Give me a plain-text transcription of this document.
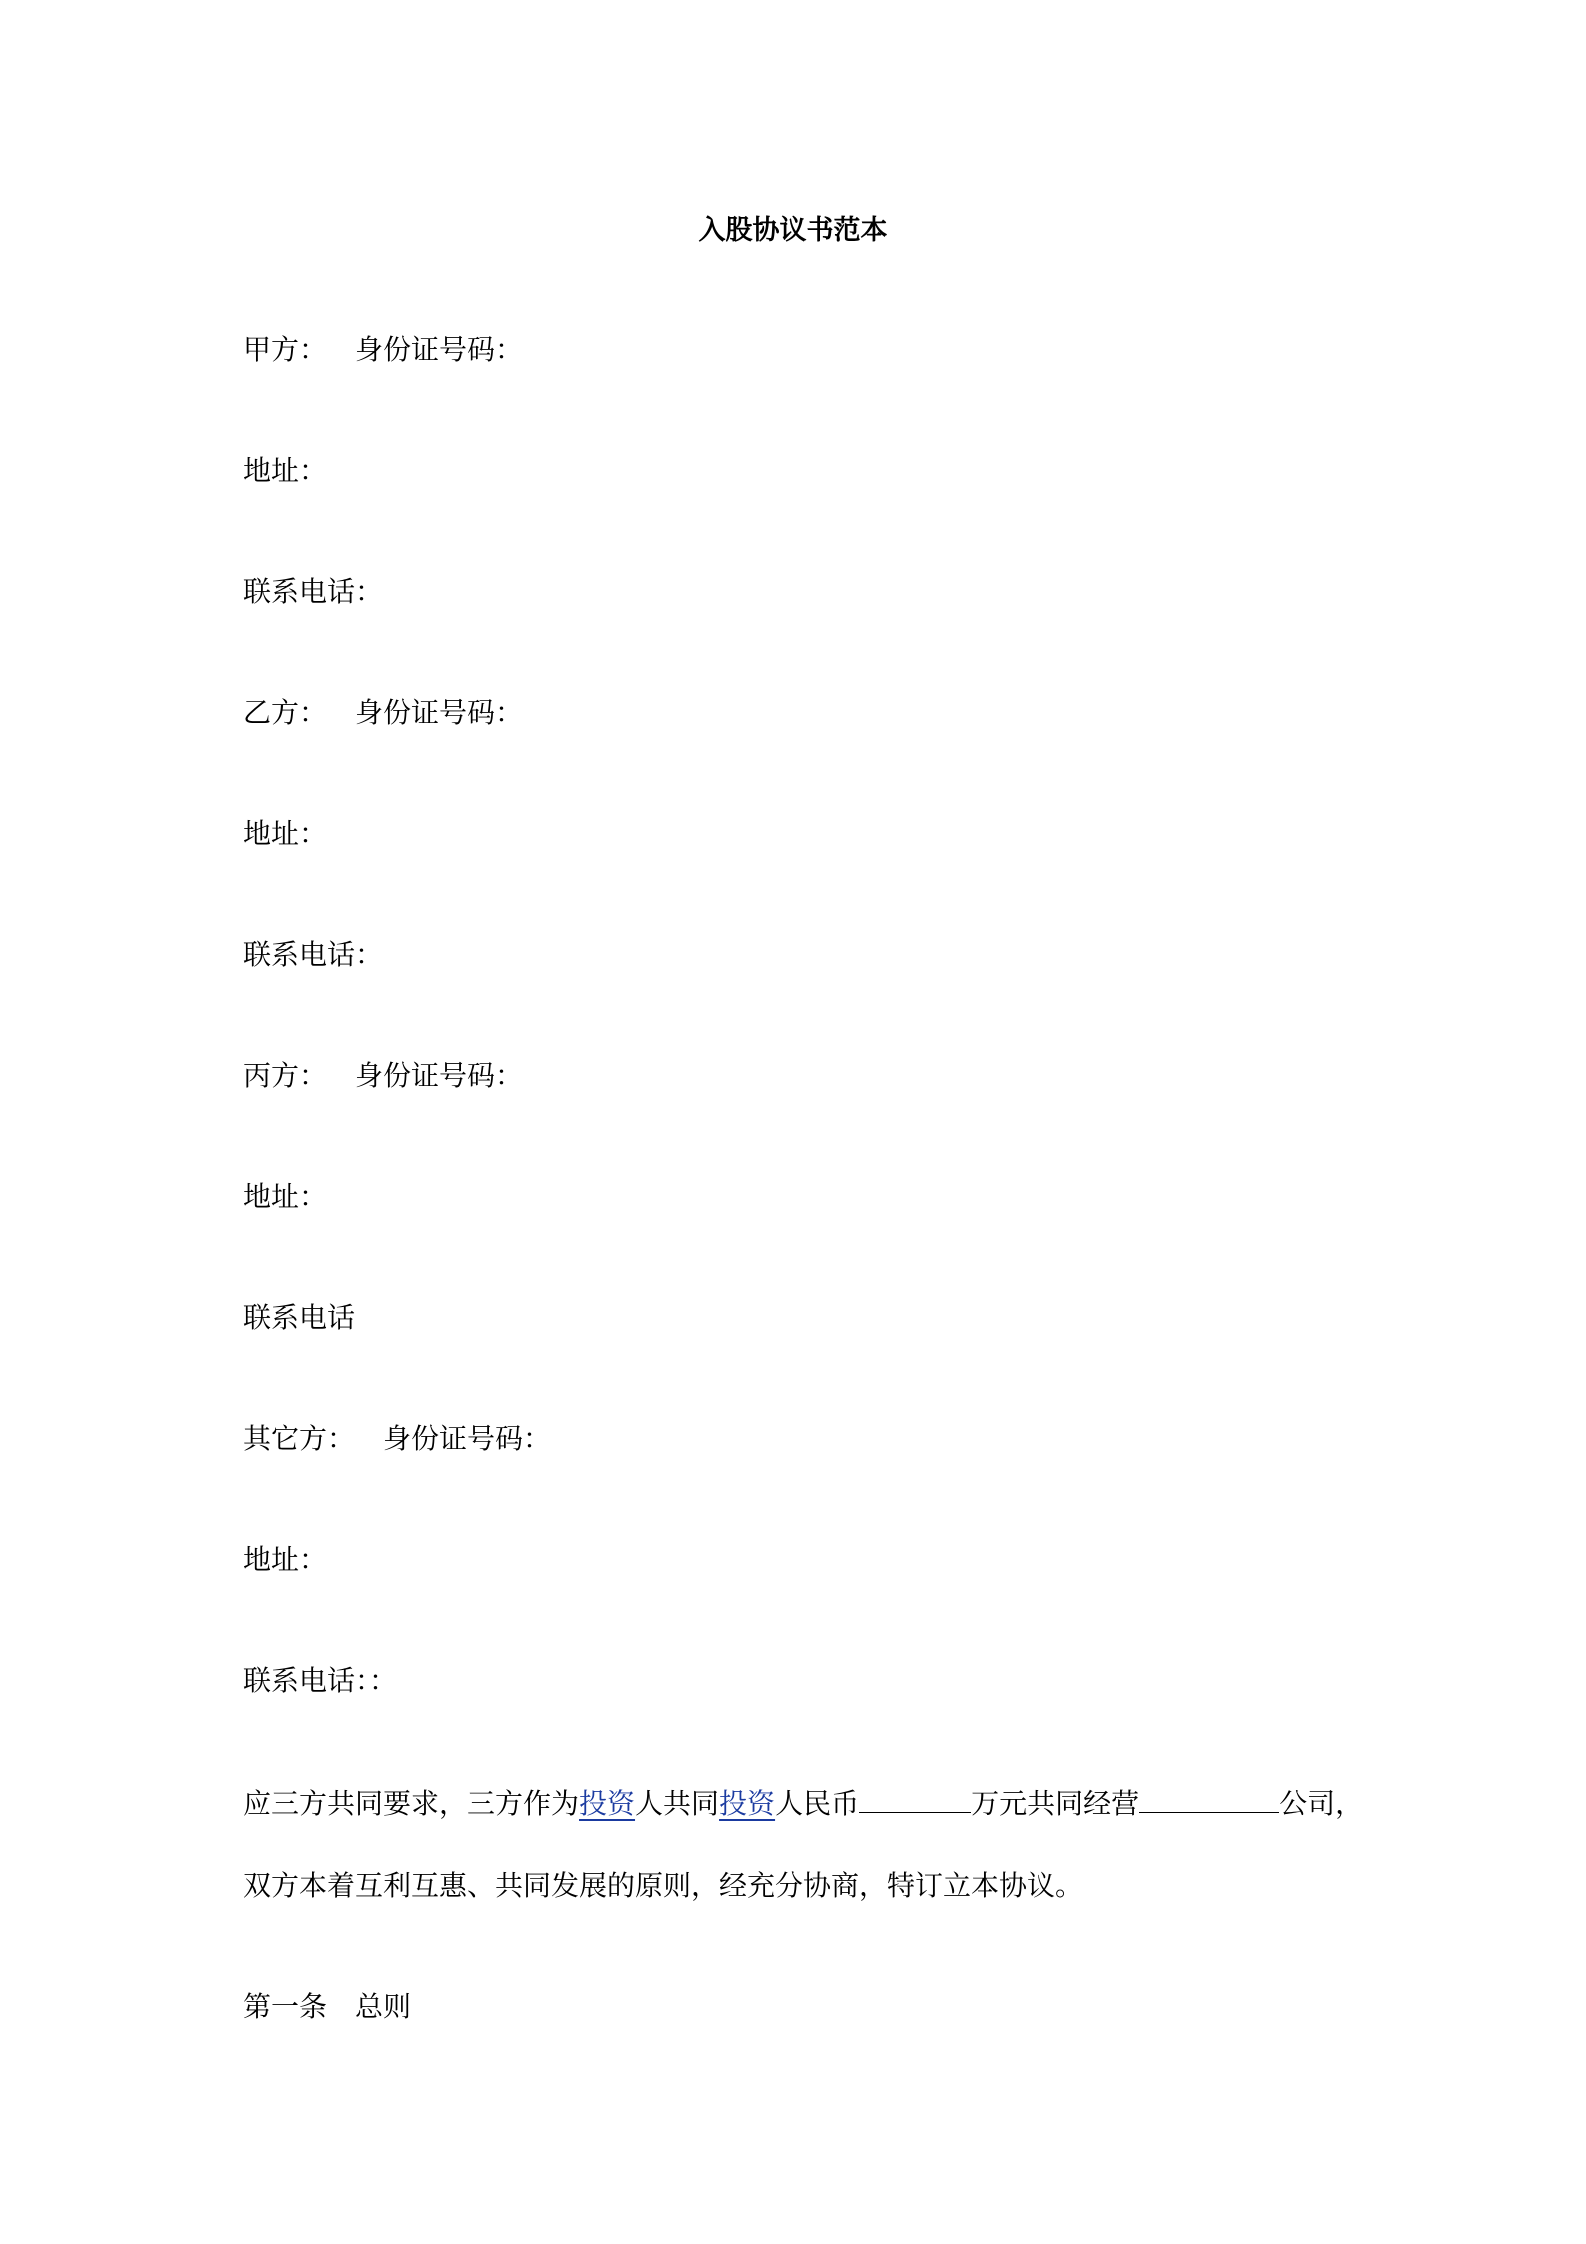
入股协议书范本
甲方： 身份证号码：
地址：
联系电话：
乙方： 身份证号码：
地址：
联系电话：
丙方： 身份证号码：
地址：
联系电话
其它方： 身份证号码：
地址：
联系电话：：
应三方共同要求，三方作为投资人共同投资人民币	万元共同经营	公司，
双方本着互利互惠、共同发展的原则，经充分协商，特订立本协议。
第一条 总则
